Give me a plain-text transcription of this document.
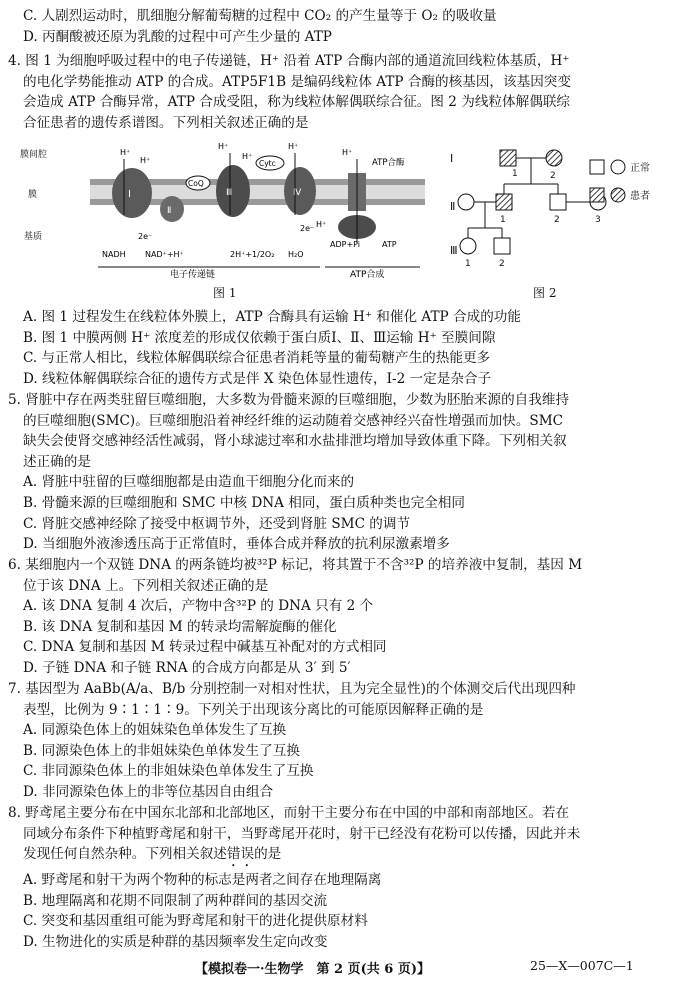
C. 人剧烈运动时，肌细胞分解葡萄糖的过程中 CO₂ 的产生量等于 O₂ 的吸收量
D. 丙酮酸被还原为乳酸的过程中可产生少量的 ATP
4. 图 1 为细胞呼吸过程中的电子传递链，H⁺ 沿着 ATP 合酶内部的通道流回线粒体基质，H⁺
的电化学势能推动 ATP 的合成。ATP5F1B 是编码线粒体 ATP 合酶的核基因，该基因突变
会造成 ATP 合酶异常，ATP 合成受阻，称为线粒体解偶联综合征。图 2 为线粒体解偶联综
合征患者的遗传系谱图。下列相关叙述正确的是
膜间腔
膜
基质
Ⅰ
Ⅱ
CoQ
Ⅲ
Cytc
Ⅳ
ATP合酶
H⁺
H⁺
H⁺
H⁺
H⁺
H⁺
H⁺
2e⁻
2e⁻
NADH NAD⁺+H⁺	2H⁺+1/2O₂ H₂O
ADP+Pi	ATP
电子传递链	ATP合成
图 1
Ⅰ
Ⅱ
Ⅲ
1	2
1	2	3
1	2
正常
患者
图 2
A. 图 1 过程发生在线粒体外膜上，ATP 合酶具有运输 H⁺ 和催化 ATP 合成的功能
B. 图 1 中膜两侧 H⁺ 浓度差的形成仅依赖于蛋白质Ⅰ、Ⅱ、Ⅲ运输 H⁺ 至膜间隙
C. 与正常人相比，线粒体解偶联综合征患者消耗等量的葡萄糖产生的热能更多
D. 线粒体解偶联综合征的遗传方式是伴 X 染色体显性遗传，Ⅰ-2 一定是杂合子
5. 肾脏中存在两类驻留巨噬细胞，大多数为骨髓来源的巨噬细胞，少数为胚胎来源的自我维持
的巨噬细胞(SMC)。巨噬细胞沿着神经纤维的运动随着交感神经兴奋性增强而加快。SMC
缺失会使肾交感神经活性减弱，肾小球滤过率和水盐排泄均增加导致体重下降。下列相关叙
述正确的是
A. 肾脏中驻留的巨噬细胞都是由造血干细胞分化而来的
B. 骨髓来源的巨噬细胞和 SMC 中核 DNA 相同，蛋白质种类也完全相同
C. 肾脏交感神经除了接受中枢调节外，还受到肾脏 SMC 的调节
D. 当细胞外液渗透压高于正常值时，垂体合成并释放的抗利尿激素增多
6. 某细胞内一个双链 DNA 的两条链均被³²P 标记，将其置于不含³²P 的培养液中复制，基因 M
位于该 DNA 上。下列相关叙述正确的是
A. 该 DNA 复制 4 次后，产物中含³²P 的 DNA 只有 2 个
B. 该 DNA 复制和基因 M 的转录均需解旋酶的催化
C. DNA 复制和基因 M 转录过程中碱基互补配对的方式相同
D. 子链 DNA 和子链 RNA 的合成方向都是从 3′ 到 5′
7. 基因型为 AaBb(A/a、B/b 分别控制一对相对性状，且为完全显性)的个体测交后代出现四种
表型，比例为 9∶1∶1∶9。下列关于出现该分离比的可能原因解释正确的是
A. 同源染色体上的姐妹染色单体发生了互换
B. 同源染色体上的非姐妹染色单体发生了互换
C. 非同源染色体上的非姐妹染色单体发生了互换
D. 非同源染色体上的非等位基因自由组合
8. 野鸢尾主要分布在中国东北部和北部地区，而射干主要分布在中国的中部和南部地区。若在
同域分布条件下种植野鸢尾和射干，当野鸢尾开花时，射干已经没有花粉可以传播，因此并未
发现任何自然杂种。下列相关叙述错误的是
A. 野鸢尾和射干为两个物种的标志是两者之间存在地理隔离
B. 地理隔离和花期不同限制了两种群间的基因交流
C. 突变和基因重组可能为野鸢尾和射干的进化提供原材料
D. 生物进化的实质是种群的基因频率发生定向改变
【模拟卷一·生物学　第 2 页(共 6 页)】	25—X—007C—1
